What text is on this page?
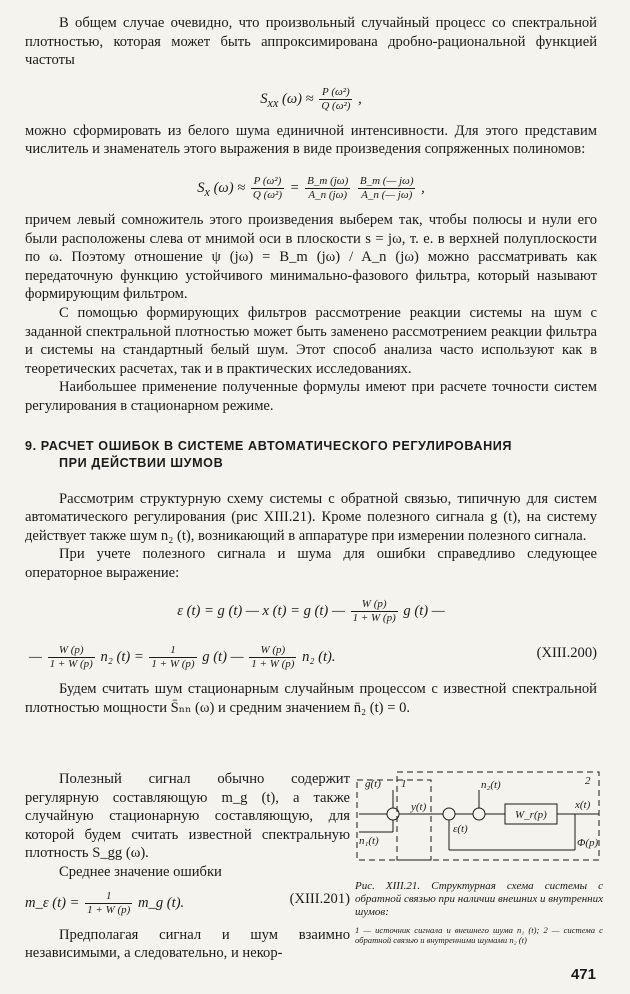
В общем случае очевидно, что произвольный случайный процесс со спектральной плотностью, которая может быть аппроксимирована дробно-рациональной функцией частоты

$S_{xx}$ $(\omega) \approx \frac{\text{P (ω²)}}{\text{Q (ω²)}}$ ,

можно сформировать из белого шума единичной интенсивности. Для этого представим числитель и знаменатель этого выражения в виде произведения сопряженных полиномов:

$S_x$ $(\omega) \approx \frac{\text{P (ω²)}}{\text{Q (ω²)}} = \frac{B\_m (j\omega)}{A\_n (j\omega)}$
$\frac{B\_m (— j\omega)}{A\_n (— j\omega)}$ ,

причем левый сомножитель этого произведения выберем так, чтобы полюсы и нули его были расположены слева от мнимой оси в плоскости s = jω, т. е. в верхней полуплоскости по ω. Поэтому отношение ψ (jω) = B_m (jω) / A_n (jω) можно рассматривать как передаточную функцию устойчивого минимально-фазового фильтра, который называют формирующим фильтром.

С помощью формирующих фильтров рассмотрение реакции системы на шум с заданной спектральной плотностью может быть заменено рассмотрением реакции фильтра и системы на стандартный белый шум. Этот способ анализа часто используют как в теоретических расчетах, так и в практических исследованиях.

Наибольшее применение полученные формулы имеют при расчете точности систем регулирования в стационарном режиме.

9. РАСЧЕТ ОШИБОК В СИСТЕМЕ АВТОМАТИЧЕСКОГО РЕГУЛИРОВАНИЯ
ПРИ ДЕЙСТВИИ ШУМОВ

Рассмотрим структурную схему системы с обратной связью, типичную для систем автоматического регулирования (рис XIII.21). Кроме полезного сигнала g (t), на систему действует также шум n₂ (t), возникающий в аппаратуре при измерении полезного сигнала.

При учете полезного сигнала и шума для ошибки справедливо следующее операторное выражение:

ε (t) = g (t) — x (t) = g (t) — $\frac{W (p)}{1 + W (p)}$ g (t) —
— $\frac{W (p)}{1 + W (p)} n_2$ $(t) = \frac{1}{1 + W (p)}$ g (t) — $\frac{W (p)}{1 + W (p)} n_2$ (t).	(XIII.200)

Будем считать шум стационарным случайным процессом с известной спектральной плотностью мощности S̄ₙₙ (ω) и средним значением n̄₂ (t) = 0.

Полезный сигнал обычно содержит регулярную составляющую m_g (t), а также случайную стационарную составляющую, для которой будем считать известной спектральную плотность S_gg (ω).

Среднее значение ошибки

m_ε $(t) = \frac{1}{1 + W (p)}$ m_g (t).	(XIII.201)

Предполагая сигнал и шум взаимно независимыми, а следовательно, и некор-

g(t) 1
y(t)
n₂(t)	2
x(t)
n₁(t)
ε(t)
W_r(p)
Φ(p)
Рис. XIII.21. Структурная схема системы с обратной связью при наличии внешних и внутренних шумов:
1 — источник сигнала и внешнего шума n₁ (t); 2 — система с обратной связью и внутренними шумами n₂ (t)
471
